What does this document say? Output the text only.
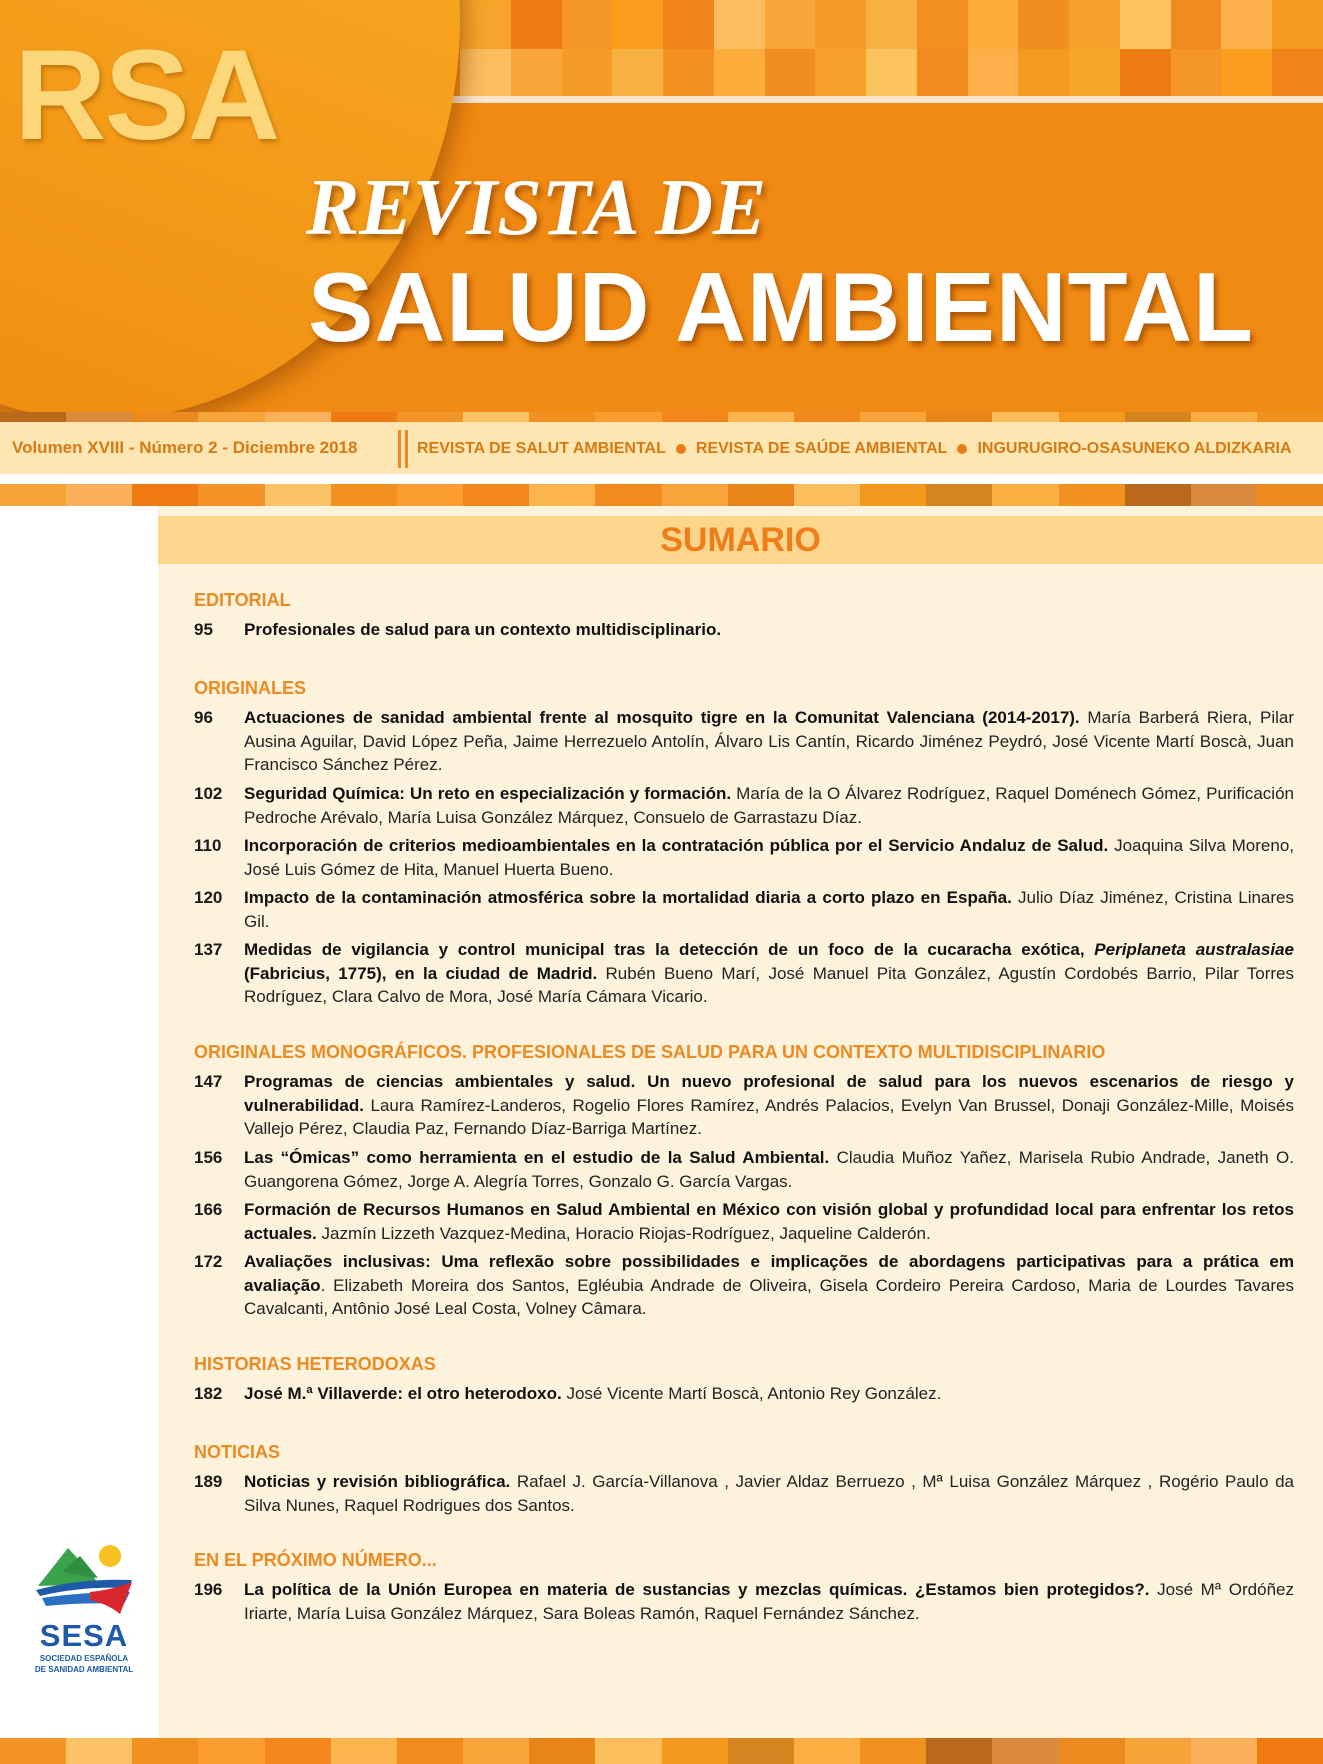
RSA
REVISTA DE
SALUD AMBIENTAL
Volumen XVIII - Número 2 - Diciembre 2018	REVISTA DE SALUT AMBIENTAL REVISTA DE SAÚDE AMBIENTAL INGURUGIRO-OSASUNEKO ALDIZKARIA
SUMARIO
EDITORIAL
95	Profesionales de salud para un contexto multidisciplinario.
ORIGINALES
96	Actuaciones de sanidad ambiental frente al mosquito tigre en la Comunitat Valenciana (2014-2017). María Barberá Riera, Pilar Ausina Aguilar, David López Peña, Jaime Herrezuelo Antolín, Álvaro Lis Cantín, Ricardo Jiménez Peydró, José Vicente Martí Boscà, Juan Francisco Sánchez Pérez.
102	Seguridad Química: Un reto en especialización y formación. María de la O Álvarez Rodríguez, Raquel Doménech Gómez, Purificación Pedroche Arévalo, María Luisa González Márquez, Consuelo de Garrastazu Díaz.
110	Incorporación de criterios medioambientales en la contratación pública por el Servicio Andaluz de Salud. Joaquina Silva Moreno, José Luis Gómez de Hita, Manuel Huerta Bueno.
120	Impacto de la contaminación atmosférica sobre la mortalidad diaria a corto plazo en España. Julio Díaz Jiménez, Cristina Linares Gil.
137	Medidas de vigilancia y control municipal tras la detección de un foco de la cucaracha exótica, Periplaneta australasiae (Fabricius, 1775), en la ciudad de Madrid. Rubén Bueno Marí, José Manuel Pita González, Agustín Cordobés Barrio, Pilar Torres Rodríguez, Clara Calvo de Mora, José María Cámara Vicario.
ORIGINALES MONOGRÁFICOS. PROFESIONALES DE SALUD PARA UN CONTEXTO MULTIDISCIPLINARIO
147	Programas de ciencias ambientales y salud. Un nuevo profesional de salud para los nuevos escenarios de riesgo y vulnerabilidad. Laura Ramírez-Landeros, Rogelio Flores Ramírez, Andrés Palacios, Evelyn Van Brussel, Donaji González-Mille, Moisés Vallejo Pérez, Claudia Paz, Fernando Díaz-Barriga Martínez.
156	Las “Ómicas” como herramienta en el estudio de la Salud Ambiental. Claudia Muñoz Yañez, Marisela Rubio Andrade, Janeth O. Guangorena Gómez, Jorge A. Alegría Torres, Gonzalo G. García Vargas.
166	Formación de Recursos Humanos en Salud Ambiental en México con visión global y profundidad local para enfrentar los retos actuales. Jazmín Lizzeth Vazquez-Medina, Horacio Riojas-Rodríguez, Jaqueline Calderón.
172	Avaliações inclusivas: Uma reflexão sobre possibilidades e implicações de abordagens participativas para a prática em avaliação. Elizabeth Moreira dos Santos, Egléubia Andrade de Oliveira, Gisela Cordeiro Pereira Cardoso, Maria de Lourdes Tavares Cavalcanti, Antônio José Leal Costa, Volney Câmara.
HISTORIAS HETERODOXAS
182	José M.ª Villaverde: el otro heterodoxo. José Vicente Martí Boscà, Antonio Rey González.
NOTICIAS
189	Noticias y revisión bibliográfica. Rafael J. García-Villanova , Javier Aldaz Berruezo , Mª Luisa González Márquez , Rogério Paulo da Silva Nunes, Raquel Rodrigues dos Santos.
EN EL PRÓXIMO NÚMERO...
196	La política de la Unión Europea en materia de sustancias y mezclas químicas. ¿Estamos bien protegidos?. José Mª Ordóñez Iriarte, María Luisa González Márquez, Sara Boleas Ramón, Raquel Fernández Sánchez.
SESA
SOCIEDAD ESPAÑOLA
DE SANIDAD AMBIENTAL
